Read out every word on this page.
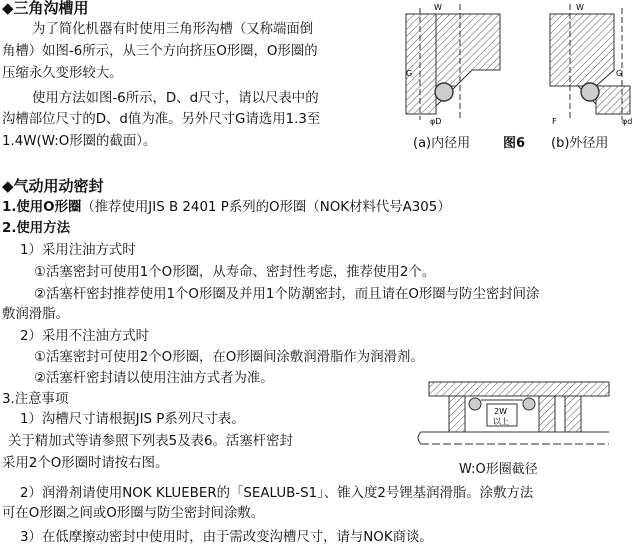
◆三角沟槽用
为了简化机器有时使用三角形沟槽（又称端面倒
角槽）如图-6所示，从三个方向挤压O形圈，O形圈的
压缩永久变形较大。
使用方法如图-6所示，D、d尺寸，请以尺表中的
沟槽部位尺寸的D、d值为准。另外尺寸G请选用1.3至
1.4W(W:O形圈的截面）。
W
G
φD
W
G
φd
F
(a)内径用	图6 (b)外径用
◆气动用动密封
1.使用O形圈（推荐使用JIS B 2401 P系列的O形圈（NOK材料代号A305）
2.使用方法
1）采用注油方式时
①活塞密封可使用1个O形圈，从寿命、密封性考虑，推荐使用2个。
②活塞杆密封推荐使用1个O形圈及并用1个防潮密封，而且请在O形圈与防尘密封间涂
敷润滑脂。
2）采用不注油方式时
①活塞密封可使用2个O形圈，在O形圈间涂敷润滑脂作为润滑剂。
②活塞杆密封请以使用注油方式者为准。
3.注意事项
1）沟槽尺寸请根据JIS P系列尺寸表。
关于精加式等请参照下列表5及表6。活塞杆密封
采用2个O形圈时请按右图。
2）润滑剂请使用NOK KLUEBER的「SEALUB-S1」、锥入度2号锂基润滑脂。涂敷方法
可在O形圈之间或O形圈与防尘密封间涂敷。
3）在低摩擦动密封中使用时，由于需改变沟槽尺寸，请与NOK商谈。
2W
以上
W:O形圈截径
